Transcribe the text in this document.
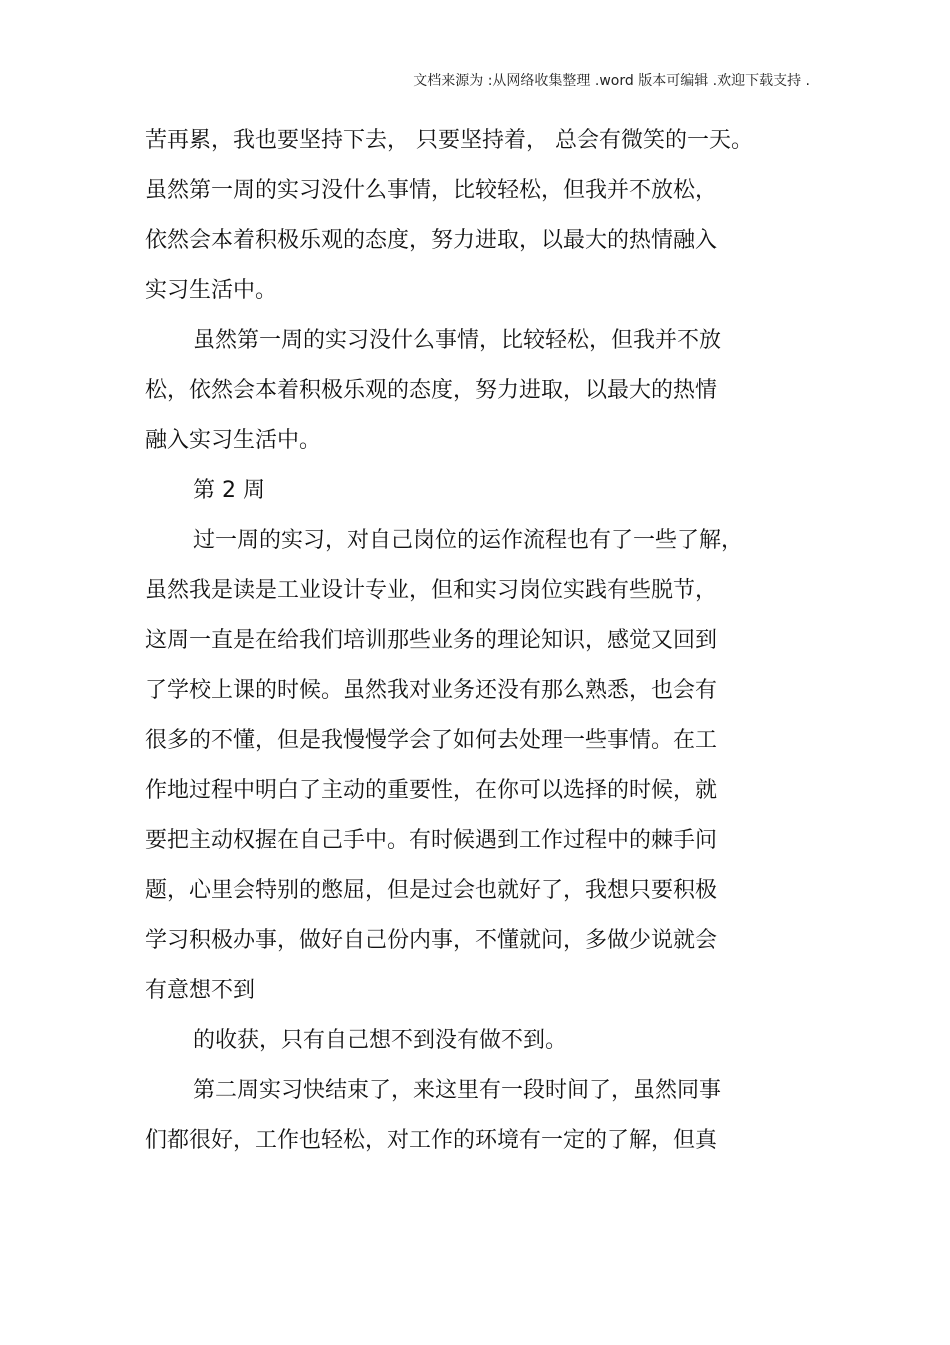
文档来源为 :从网络收集整理 .word 版本可编辑 .欢迎下载支持 .
苦再累，我也要坚持下去， 只要坚持着， 总会有微笑的一天。
虽然第一周的实习没什么事情，比较轻松，但我并不放松，
依然会本着积极乐观的态度，努力进取，以最大的热情融入
实习生活中。
虽然第一周的实习没什么事情，比较轻松，但我并不放
松，依然会本着积极乐观的态度，努力进取，以最大的热情
融入实习生活中。
第 2 周
过一周的实习，对自己岗位的运作流程也有了一些了解，
虽然我是读是工业设计专业，但和实习岗位实践有些脱节，
这周一直是在给我们培训那些业务的理论知识，感觉又回到
了学校上课的时候。虽然我对业务还没有那么熟悉，也会有
很多的不懂，但是我慢慢学会了如何去处理一些事情。在工
作地过程中明白了主动的重要性，在你可以选择的时候，就
要把主动权握在自己手中。有时候遇到工作过程中的棘手问
题，心里会特别的憋屈，但是过会也就好了，我想只要积极
学习积极办事，做好自己份内事，不懂就问，多做少说就会
有意想不到
的收获，只有自己想不到没有做不到。
第二周实习快结束了，来这里有一段时间了，虽然同事
们都很好，工作也轻松，对工作的环境有一定的了解，但真
